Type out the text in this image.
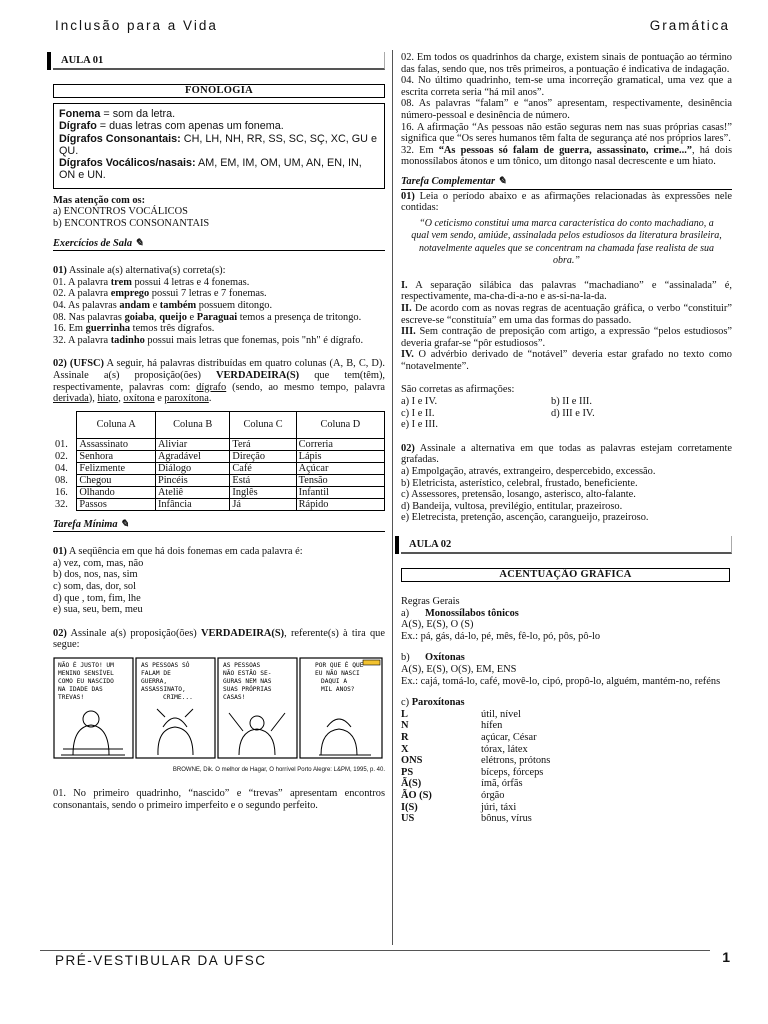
Inclusão para a Vida	Gramática
AULA 01
FONOLOGIA

Fonema = som da letra.

Dígrafo = duas letras com apenas um fonema.

Dígrafos Consonantais: CH, LH, NH, RR, SS, SC, SÇ, XC, GU e QU.

Dígrafos Vocálicos/nasais: AM, EM, IM, OM, UM, AN, EN, IN, ON e UN.

Mas atenção com os:

a) ENCONTROS VOCÁLICOS

b) ENCONTROS CONSONANTAIS

Exercícios de Sala ✎

01) Assinale a(s) alternativa(s) correta(s):

01. A palavra trem possui 4 letras e 4 fonemas.

02. A palavra emprego possui 7 letras e 7 fonemas.

04. As palavras andam e também possuem ditongo.

08. Nas palavras goiaba, queijo e Paraguai temos a presença de tritongo.

16. Em guerrinha temos três dígrafos.

32. A palavra tadinho possui mais letras que fonemas, pois "nh" é dígrafo.

02) (UFSC) A seguir, há palavras distribuídas em quatro colunas (A, B, C, D). Assinale a(s) proposição(ões) VERDADEIRA(S) que tem(têm), respectivamente, palavras com: dígrafo (sendo, ao mesmo tempo, palavra derivada), hiato, oxítona e paroxítona.

	Coluna A	Coluna B	Coluna C	Coluna D
01.	Assassinato	Aliviar	Terá	Correria
02.	Senhora	Agradável	Direção	Lápis
04.	Felizmente	Diálogo	Café	Açúcar
08.	Chegou	Pincéis	Está	Tensão
16.	Olhando	Ateliê	Inglês	Infantil
32.	Passos	Infância	Já	Rápido
Tarefa Mínima ✎

01) A seqüência em que há dois fonemas em cada palavra é:

a) vez, com, mas, não

b) dos, nos, nas, sim

c) som, das, dor, sol

d) que , tom, fim, lhe

e) sua, seu, bem, meu

02) Assinale a(s) proposição(ões) VERDADEIRA(S), referente(s) à tira que segue:

NÃO É JUSTO! UM MENINO SENSÍVEL COMO EU NASCIDO NA IDADE DAS TREVAS!
AS PESSOAS SÓ FALAM DE GUERRA, ASSASSINATO, CRIME...
AS PESSOAS NÃO ESTÃO SE- GURAS NEM NAS SUAS PRÓPRIAS CASAS!
POR QUE É QUE EU NÃO NASCI DAQUI A MIL ANOS?
BROWNE, Dik. O melhor de Hagar, O horrível Porto Alegre: L&PM, 1995, p. 40.

01. No primeiro quadrinho, “nascido” e “trevas” apresentam encontros consonantais, sendo o primeiro imperfeito e o segundo perfeito.

02. Em todos os quadrinhos da charge, existem sinais de pontuação ao término das falas, sendo que, nos três primeiros, a pontuação é indicativa de indagação.

04. No último quadrinho, tem-se uma incorreção gramatical, uma vez que a escrita correta seria “há mil anos”.

08. As palavras “falam” e “anos” apresentam, respectivamente, desinência número-pessoal e desinência de número.

16. A afirmação “As pessoas não estão seguras nem nas suas próprias casas!” significa que “Os seres humanos têm falta de segurança até nos próprios lares”.

32. Em “As pessoas só falam de guerra, assassinato, crime...”, há dois monossílabos átonos e um tônico, um ditongo nasal decrescente e um hiato.

Tarefa Complementar ✎

01) Leia o período abaixo e as afirmações relacionadas às expressões nele contidas:

“O ceticismo constitui uma marca característica do conto machadiano, a qual vem sendo, amiúde, assinalada pelos estudiosos da literatura brasileira, notavelmente aqueles que se concentram na chamada fase realista de sua obra.”

I. A separação silábica das palavras “machadiano” e “assinalada” é, respectivamente, ma-cha-di-a-no e as-si-na-la-da.

II. De acordo com as novas regras de acentuação gráfica, o verbo “constituir” escreve-se “constituía” em uma das formas do passado.

III. Sem contração de preposição com artigo, a expressão “pelos estudiosos” deveria grafar-se “pôr estudiosos”.

IV. O advérbio derivado de “notável” deveria estar grafado no texto como “notavelmente”.

São corretas as afirmações:

a) I e IV.	b) II e III.
c) I e II.	d) III e IV.
e) I e III.

02) Assinale a alternativa em que todas as palavras estejam corretamente grafadas.

a) Empolgação, através, extrangeiro, despercebido, excessão.

b) Eletricista, asterístico, celebral, frustado, beneficiente.

c) Assessores, pretensão, losango, asterisco, alto-falante.

d) Bandeija, vultosa, previlégio, entitular, prazeiroso.

e) Eletrecista, pretenção, ascenção, carangueijo, prazeiroso.

AULA 02
ACENTUAÇÃO GRÁFICA

Regras Gerais

a) Monossílabos tônicos

A(S), E(S), O (S)

Ex.: pá, gás, dá-lo, pé, mês, fê-lo, pó, pôs, pô-lo

b) Oxítonas

A(S), E(S), O(S), EM, ENS

Ex.: cajá, tomá-lo, café, movê-lo, cipó, propô-lo, alguém, mantém-no, reféns

c) Paroxítonas

L	útil, nível
N	hífen
R	açúcar, César
X	tórax, látex
ONS	elétrons, prótons
PS	bíceps, fórceps
Ã(S)	ímã, órfãs
ÃO (S)	órgão
I(S)	júri, táxi
US	bônus, vírus
PRÉ-VESTIBULAR DA UFSC	1
